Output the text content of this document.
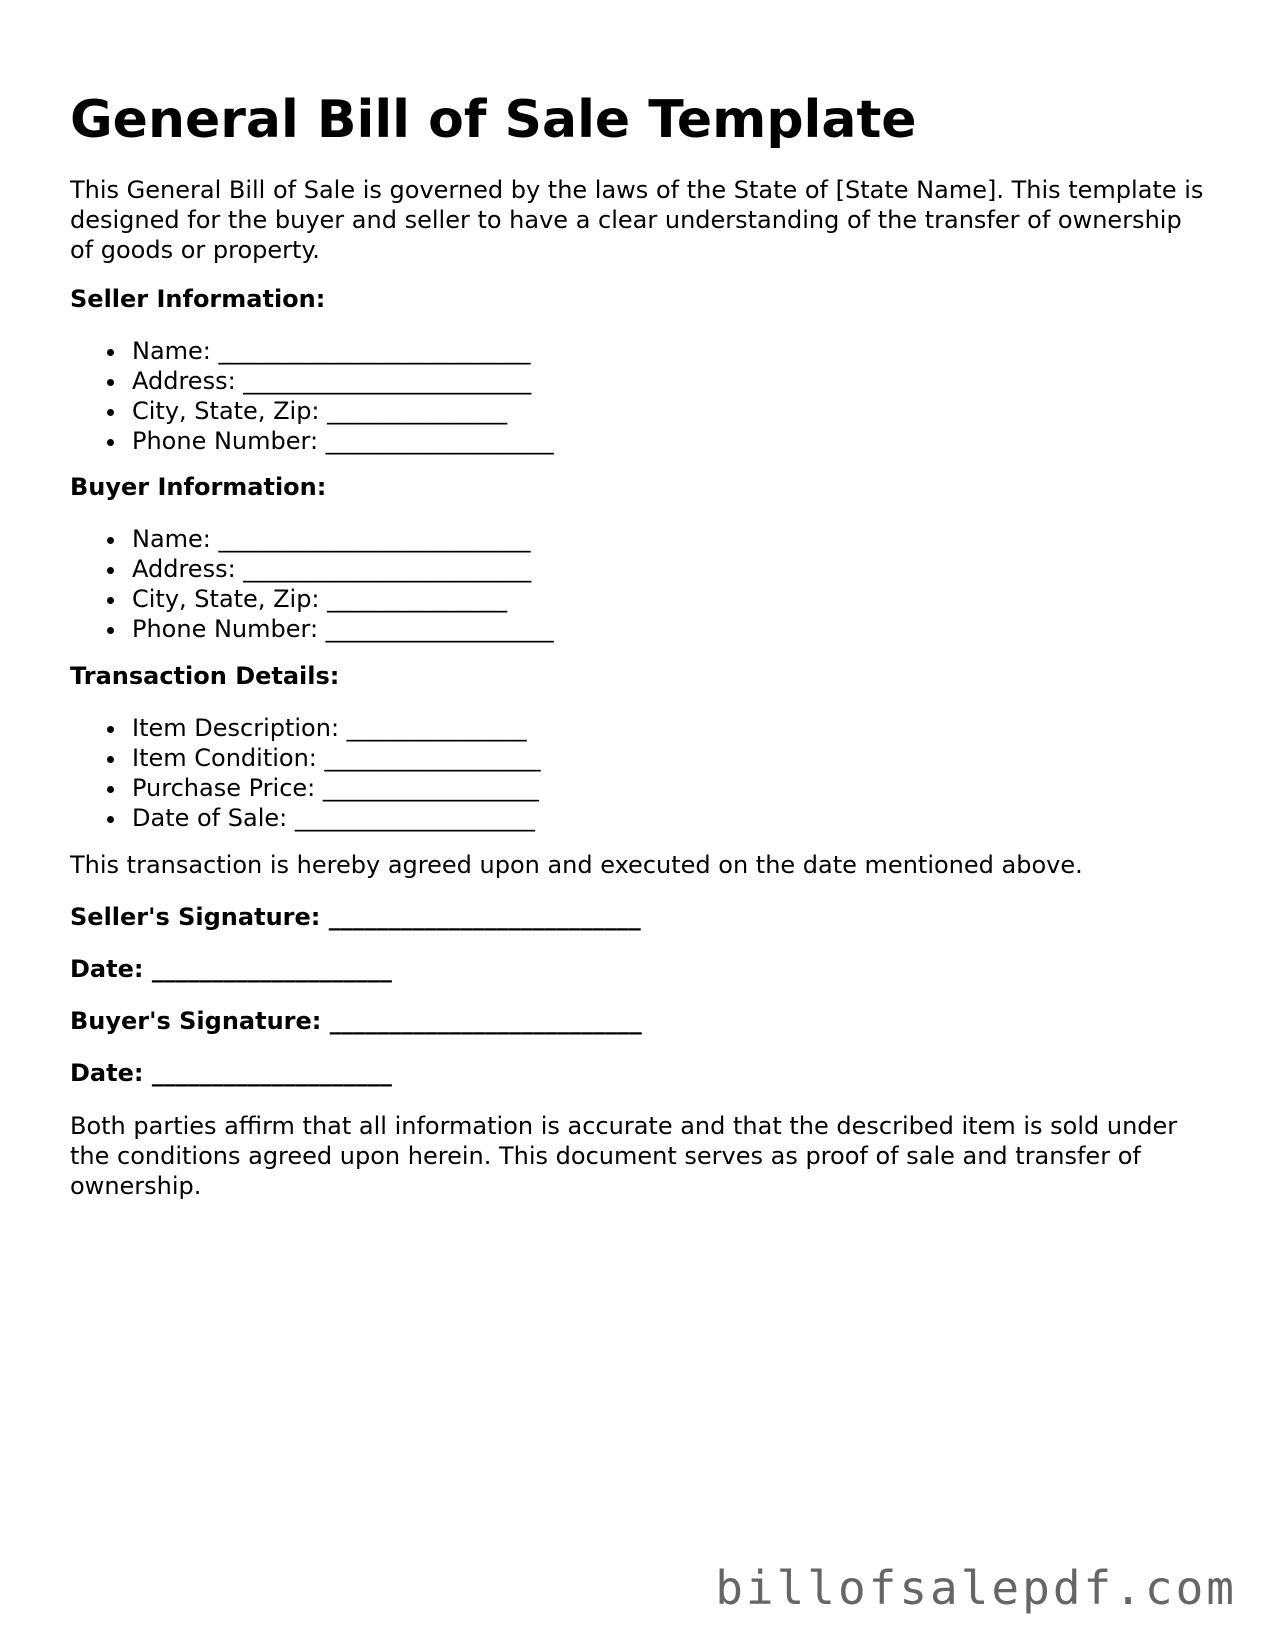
General Bill of Sale Template

This General Bill of Sale is governed by the laws of the State of [State Name]. This template is designed for the buyer and seller to have a clear understanding of the transfer of ownership of goods or property.

Seller Information:
Name: __________________________
Address: ________________________
City, State, Zip: _______________
Phone Number: ___________________
Buyer Information:
Name: __________________________
Address: ________________________
City, State, Zip: _______________
Phone Number: ___________________
Transaction Details:
Item Description: _______________
Item Condition: __________________
Purchase Price: __________________
Date of Sale: ____________________

This transaction is hereby agreed upon and executed on the date mentioned above.

Seller's Signature: __________________________
Date: ____________________
Buyer's Signature: __________________________
Date: ____________________

Both parties affirm that all information is accurate and that the described item is sold under the conditions agreed upon herein. This document serves as proof of sale and transfer of ownership.

billofsalepdf.com
